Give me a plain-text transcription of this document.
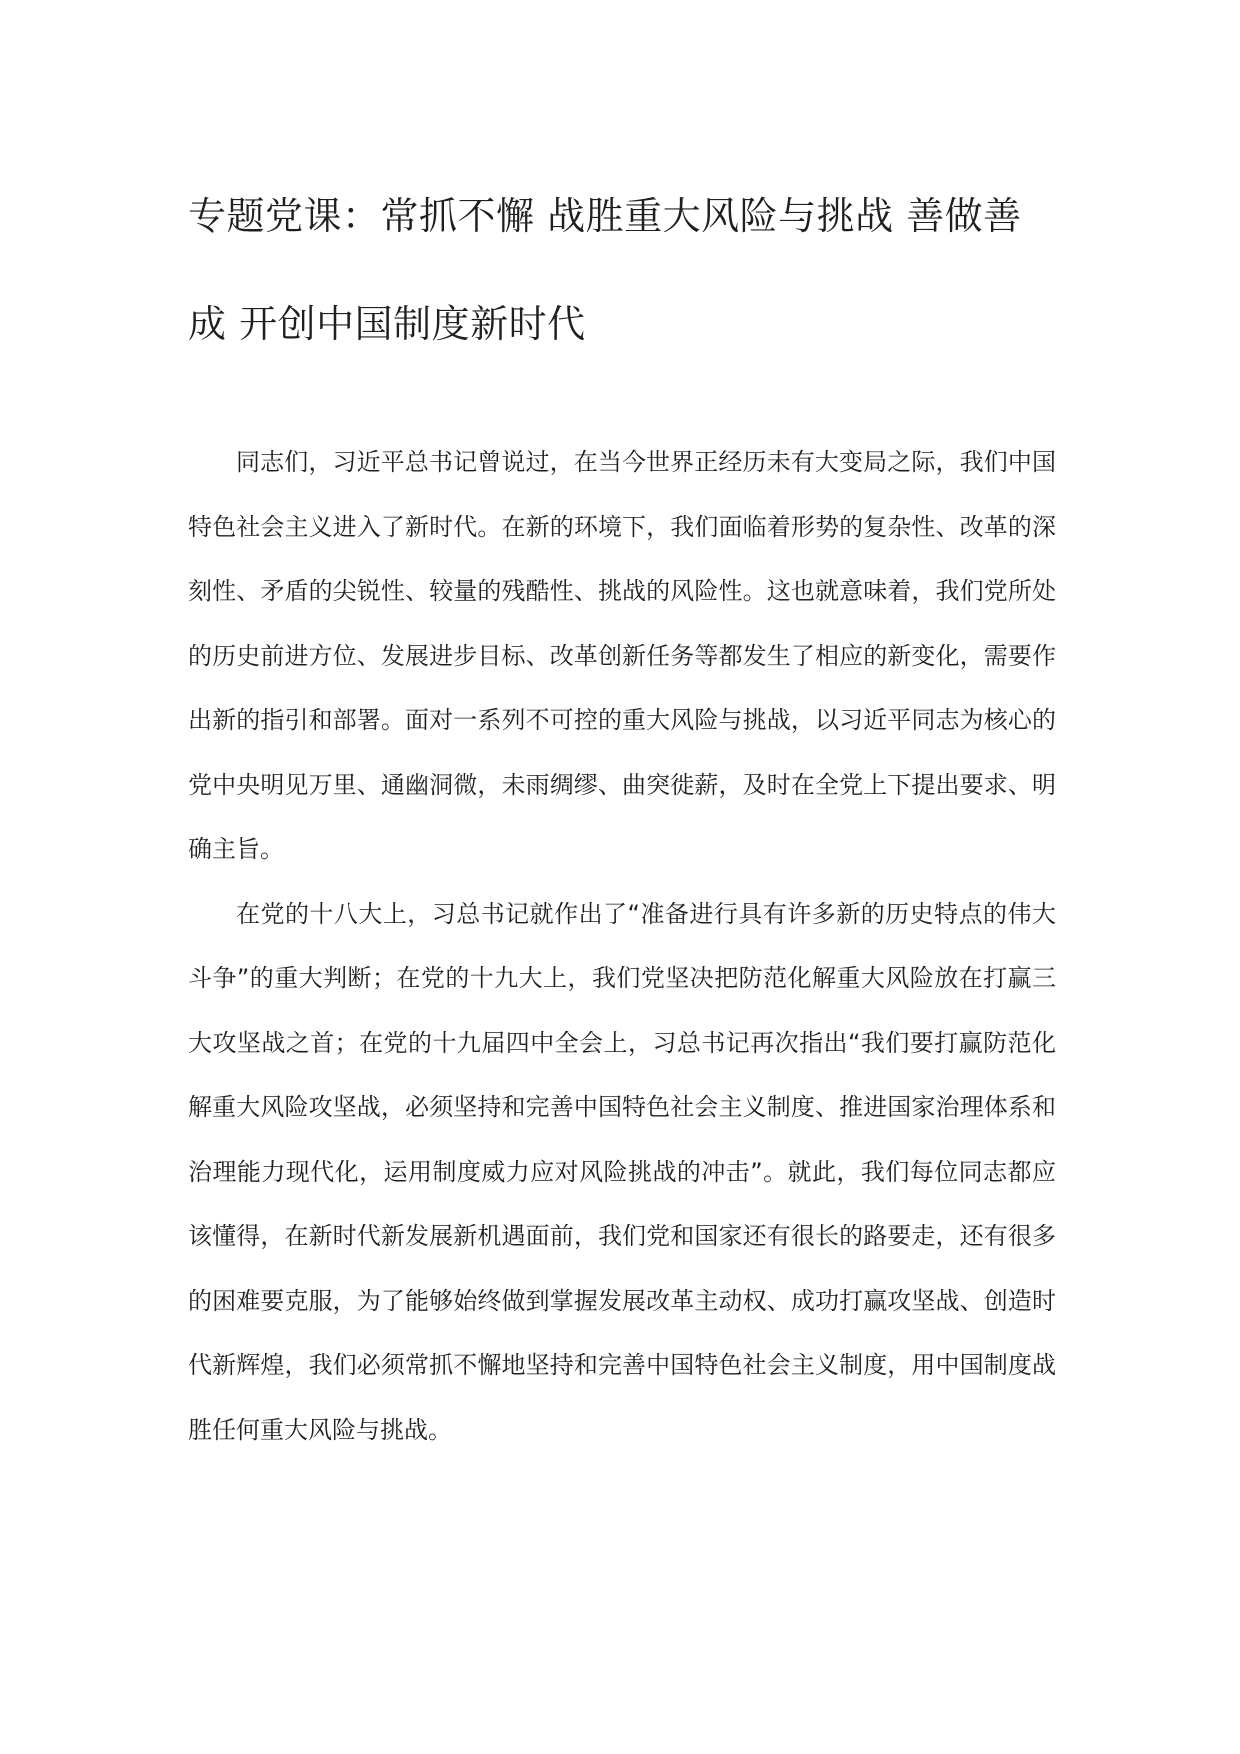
专题党课：常抓不懈 战胜重大风险与挑战 善做善成 开创中国制度新时代

同志们，习近平总书记曾说过，在当今世界正经历未有大变局之际，我们中国特色社会主义进入了新时代。在新的环境下，我们面临着形势的复杂性、改革的深刻性、矛盾的尖锐性、较量的残酷性、挑战的风险性。这也就意味着，我们党所处的历史前进方位、发展进步目标、改革创新任务等都发生了相应的新变化，需要作出新的指引和部署。面对一系列不可控的重大风险与挑战，以习近平同志为核心的党中央明见万里、通幽洞微，未雨绸缪、曲突徙薪，及时在全党上下提出要求、明确主旨。

在党的十八大上，习总书记就作出了“准备进行具有许多新的历史特点的伟大斗争”的重大判断；在党的十九大上，我们党坚决把防范化解重大风险放在打赢三大攻坚战之首；在党的十九届四中全会上，习总书记再次指出“我们要打赢防范化解重大风险攻坚战，必须坚持和完善中国特色社会主义制度、推进国家治理体系和治理能力现代化，运用制度威力应对风险挑战的冲击”。就此，我们每位同志都应该懂得，在新时代新发展新机遇面前，我们党和国家还有很长的路要走，还有很多的困难要克服，为了能够始终做到掌握发展改革主动权、成功打赢攻坚战、创造时代新辉煌，我们必须常抓不懈地坚持和完善中国特色社会主义制度，用中国制度战胜任何重大风险与挑战。
